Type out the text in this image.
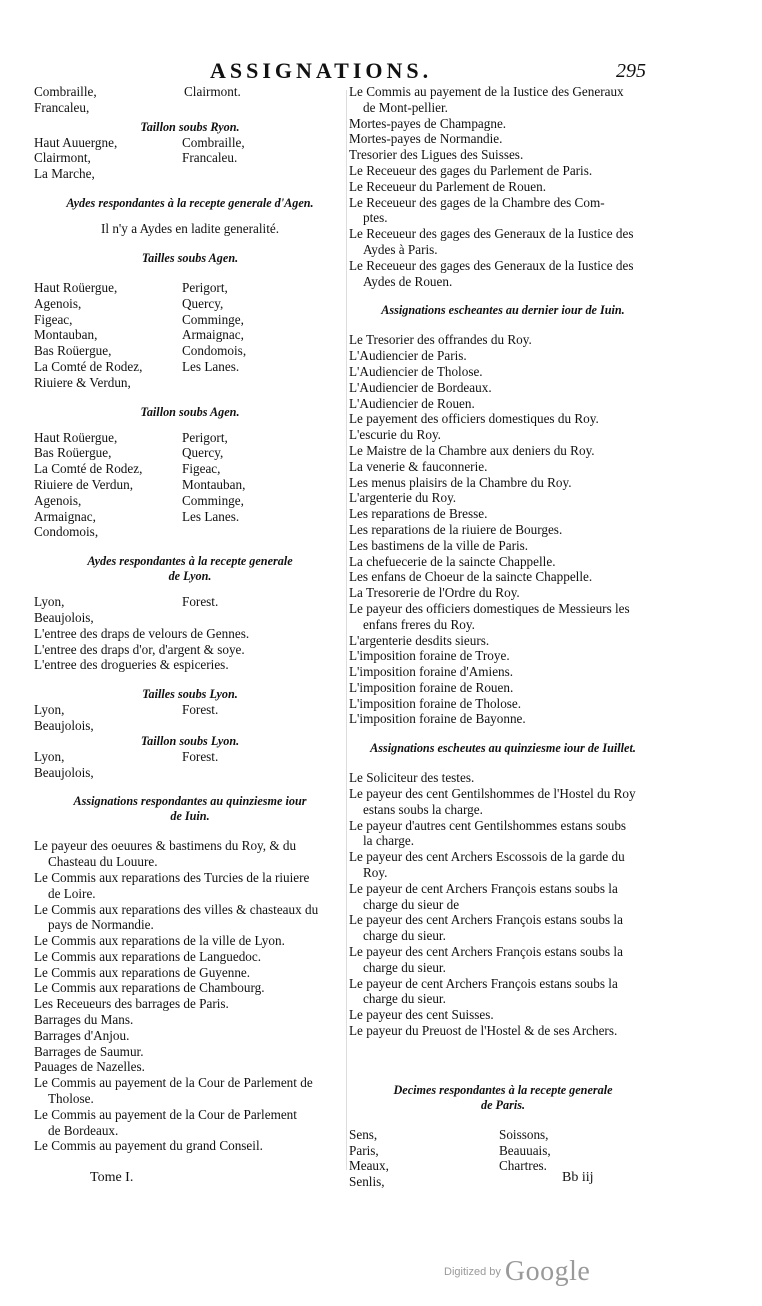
ASSIGNATIONS.	295
Combraille,	Clairmont.
Francaleu,
Taillon soubs Ryon.
Haut Auuergne,	Combraille,
Clairmont,	Francaleu.
La Marche,
Aydes respondantes à la recepte generale d'Agen.
Il n'y a Aydes en ladite generalité.
Tailles soubs Agen.
Haut Roüergue,	Perigort,
Agenois,	Quercy,
Figeac,	Comminge,
Montauban,	Armaignac,
Bas Roüergue,	Condomois,
La Comté de Rodez,	Les Lanes.
Riuiere & Verdun,
Taillon soubs Agen.
Haut Roüergue,	Perigort,
Bas Roüergue,	Quercy,
La Comté de Rodez,	Figeac,
Riuiere de Verdun,	Montauban,
Agenois,	Comminge,
Armaignac,	Les Lanes.
Condomois,
Aydes respondantes à la recepte generale
de Lyon.
Lyon,	Forest.
Beaujolois,
L'entree des draps de velours de Gennes.
L'entree des draps d'or, d'argent & soye.
L'entree des drogueries & espiceries.
Tailles soubs Lyon.
Lyon,	Forest.
Beaujolois,
Taillon soubs Lyon.
Lyon,	Forest.
Beaujolois,
Assignations respondantes au quinziesme iour
de Iuin.
Le payeur des oeuures & bastimens du Roy, & du
Chasteau du Louure.
Le Commis aux reparations des Turcies de la riuiere
de Loire.
Le Commis aux reparations des villes & chasteaux du
pays de Normandie.
Le Commis aux reparations de la ville de Lyon.
Le Commis aux reparations de Languedoc.
Le Commis aux reparations de Guyenne.
Le Commis aux reparations de Chambourg.
Les Receueurs des barrages de Paris.
Barrages du Mans.
Barrages d'Anjou.
Barrages de Saumur.
Pauages de Nazelles.
Le Commis au payement de la Cour de Parlement de
Tholose.
Le Commis au payement de la Cour de Parlement
de Bordeaux.
Le Commis au payement du grand Conseil.
Le Commis au payement de la Iustice des Generaux
de Mont-pellier.
Mortes-payes de Champagne.
Mortes-payes de Normandie.
Tresorier des Ligues des Suisses.
Le Receueur des gages du Parlement de Paris.
Le Receueur du Parlement de Rouen.
Le Receueur des gages de la Chambre des Com-
ptes.
Le Receueur des gages des Generaux de la Iustice des
Aydes à Paris.
Le Receueur des gages des Generaux de la Iustice des
Aydes de Rouen.
Assignations escheantes au dernier iour de Iuin.
Le Tresorier des offrandes du Roy.
L'Audiencier de Paris.
L'Audiencier de Tholose.
L'Audiencier de Bordeaux.
L'Audiencier de Rouen.
Le payement des officiers domestiques du Roy.
L'escurie du Roy.
Le Maistre de la Chambre aux deniers du Roy.
La venerie & fauconnerie.
Les menus plaisirs de la Chambre du Roy.
L'argenterie du Roy.
Les reparations de Bresse.
Les reparations de la riuiere de Bourges.
Les bastimens de la ville de Paris.
La chefuecerie de la saincte Chappelle.
Les enfans de Choeur de la saincte Chappelle.
La Tresorerie de l'Ordre du Roy.
Le payeur des officiers domestiques de Messieurs les
enfans freres du Roy.
L'argenterie desdits sieurs.
L'imposition foraine de Troye.
L'imposition foraine d'Amiens.
L'imposition foraine de Rouen.
L'imposition foraine de Tholose.
L'imposition foraine de Bayonne.
Assignations escheutes au quinziesme iour de Iuillet.
Le Soliciteur des testes.
Le payeur des cent Gentilshommes de l'Hostel du Roy
estans soubs la charge.
Le payeur d'autres cent Gentilshommes estans soubs
la charge.
Le payeur des cent Archers Escossois de la garde du
Roy.
Le payeur de cent Archers François estans soubs la
charge du sieur de
Le payeur des cent Archers François estans soubs la
charge du sieur.
Le payeur des cent Archers François estans soubs la
charge du sieur.
Le payeur de cent Archers François estans soubs la
charge du sieur.
Le payeur des cent Suisses.
Le payeur du Preuost de l'Hostel & de ses Archers.
Decimes respondantes à la recepte generale
de Paris.
Sens,	Soissons,
Paris,	Beauuais,
Meaux,	Chartres.
Senlis,
Tome I.	Bb iij
Digitized by Google
